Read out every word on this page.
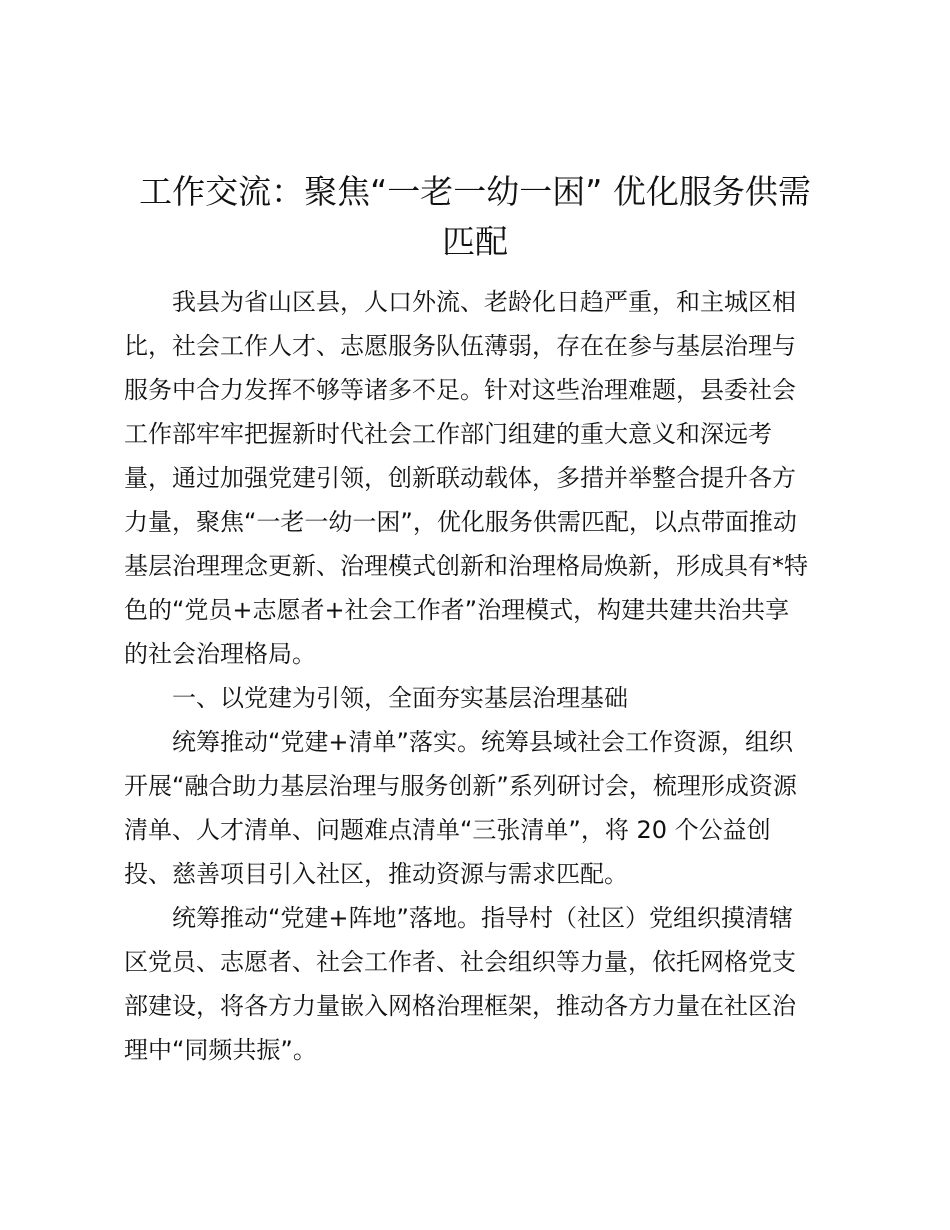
工作交流：聚焦“一老一幼一困” 优化服务供需
匹配
我县为省山区县，人口外流、老龄化日趋严重，和主城区相
比，社会工作人才、志愿服务队伍薄弱，存在在参与基层治理与
服务中合力发挥不够等诸多不足。针对这些治理难题，县委社会
工作部牢牢把握新时代社会工作部门组建的重大意义和深远考
量，通过加强党建引领，创新联动载体，多措并举整合提升各方
力量，聚焦“一老一幼一困”，优化服务供需匹配，以点带面推动
基层治理理念更新、治理模式创新和治理格局焕新，形成具有*特
色的“党员+志愿者+社会工作者”治理模式，构建共建共治共享
的社会治理格局。
一、以党建为引领，全面夯实基层治理基础
统筹推动“党建+清单”落实。统筹县域社会工作资源，组织
开展“融合助力基层治理与服务创新”系列研讨会，梳理形成资源
清单、人才清单、问题难点清单“三张清单”，将 20 个公益创
投、慈善项目引入社区，推动资源与需求匹配。
统筹推动“党建+阵地”落地。指导村（社区）党组织摸清辖
区党员、志愿者、社会工作者、社会组织等力量，依托网格党支
部建设，将各方力量嵌入网格治理框架，推动各方力量在社区治
理中“同频共振”。
